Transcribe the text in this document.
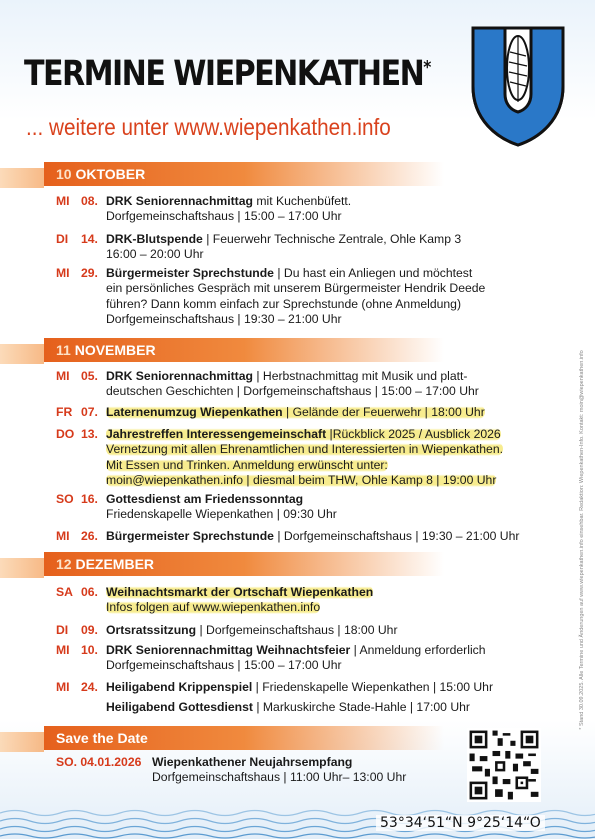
TERMINE WIEPENKATHEN*
... weitere unter www.wiepenkathen.info
* Stand 30.09.2025. Alle Termine und Änderungen auf www.wiepenkathen.info einsehbar. Redaktion: Wiepenkathen-Info. Kontakt: moin@wiepenkathen.info
10 OKTOBER
MI 08. DRK Seniorennachmittag mit Kuchenbüfett.
Dorfgemeinschaftshaus | 15:00 – 17:00 Uhr
DI 14. DRK-Blutspende | Feuerwehr Technische Zentrale, Ohle Kamp 3
16:00 – 20:00 Uhr
MI 29. Bürgermeister Sprechstunde | Du hast ein Anliegen und möchtest
ein persönliches Gespräch mit unserem Bürgermeister Hendrik Deede
führen? Dann komm einfach zur Sprechstunde (ohne Anmeldung)
Dorfgemeinschaftshaus | 19:30 – 21:00 Uhr
11 NOVEMBER
MI 05. DRK Seniorennachmittag | Herbstnachmittag mit Musik und platt-
deutschen Geschichten | Dorfgemeinschaftshaus | 15:00 – 17:00 Uhr
FR 07. Laternenumzug Wiepenkathen | Gelände der Feuerwehr | 18:00 Uhr
DO 13. Jahrestreffen Interessengemeinschaft |Rückblick 2025 / Ausblick 2026
Vernetzung mit allen Ehrenamtlichen und Interessierten in Wiepenkathen.
Mit Essen und Trinken. Anmeldung erwünscht unter:
moin@wiepenkathen.info | diesmal beim THW, Ohle Kamp 8 | 19:00 Uhr
SO 16. Gottesdienst am Friedenssonntag
Friedenskapelle Wiepenkathen | 09:30 Uhr
MI 26. Bürgermeister Sprechstunde | Dorfgemeinschaftshaus | 19:30 – 21:00 Uhr
12 DEZEMBER
SA 06. Weihnachtsmarkt der Ortschaft Wiepenkathen
Infos folgen auf www.wiepenkathen.info
DI 09. Ortsratssitzung | Dorfgemeinschaftshaus | 18:00 Uhr
MI 10. DRK Seniorennachmittag Weihnachtsfeier | Anmeldung erforderlich
Dorfgemeinschaftshaus | 15:00 – 17:00 Uhr
MI 24. Heiligabend Krippenspiel | Friedenskapelle Wiepenkathen | 15:00 Uhr
Heiligabend Gottesdienst | Markuskirche Stade-Hahle | 17:00 Uhr
Save the Date
SO. 04.01.2026 Wiepenkathener Neujahrsempfang
Dorfgemeinschaftshaus | 11:00 Uhr– 13:00 Uhr
53°34‘51“N 9°25‘14“O
